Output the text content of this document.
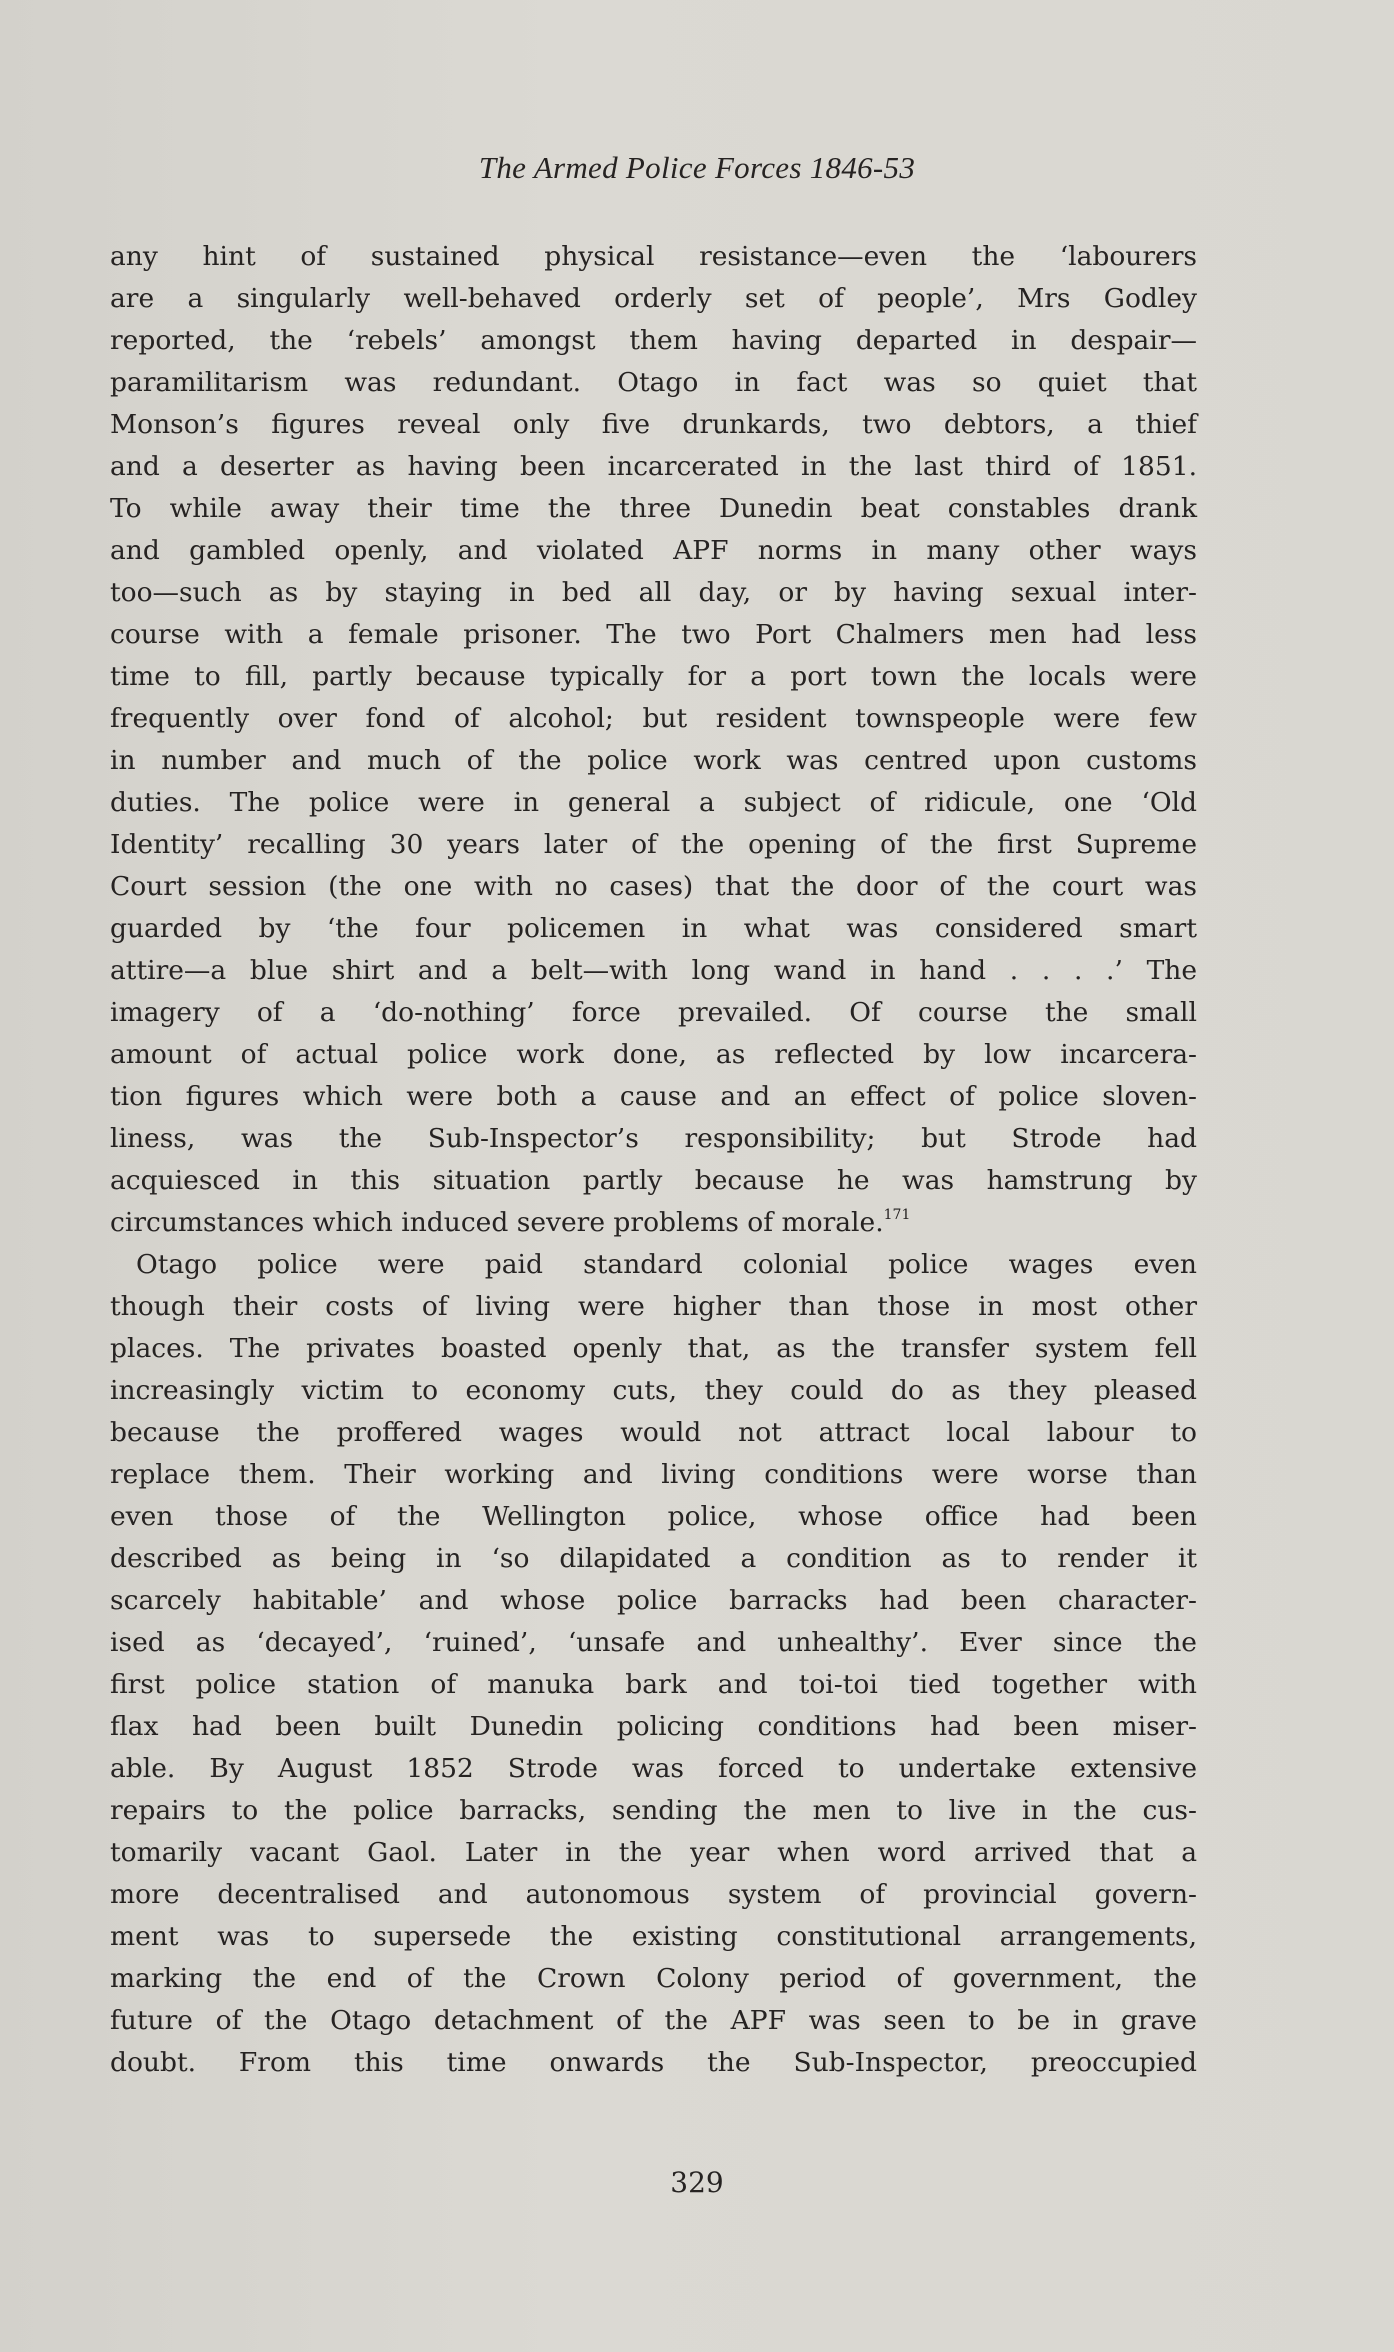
The Armed Police Forces 1846-53
any hint of sustained physical resistance—even the ‘labourers
are a singularly well-behaved orderly set of people’, Mrs Godley
reported, the ‘rebels’ amongst them having departed in despair—
paramilitarism was redundant. Otago in fact was so quiet that
Monson’s figures reveal only five drunkards, two debtors, a thief
and a deserter as having been incarcerated in the last third of 1851.
To while away their time the three Dunedin beat constables drank
and gambled openly, and violated APF norms in many other ways
too—such as by staying in bed all day, or by having sexual inter-
course with a female prisoner. The two Port Chalmers men had less
time to fill, partly because typically for a port town the locals were
frequently over fond of alcohol; but resident townspeople were few
in number and much of the police work was centred upon customs
duties. The police were in general a subject of ridicule, one ‘Old
Identity’ recalling 30 years later of the opening of the first Supreme
Court session (the one with no cases) that the door of the court was
guarded by ‘the four policemen in what was considered smart
attire—a blue shirt and a belt—with long wand in hand . . . .’ The
imagery of a ‘do-nothing’ force prevailed. Of course the small
amount of actual police work done, as reflected by low incarcera-
tion figures which were both a cause and an effect of police sloven-
liness, was the Sub-Inspector’s responsibility; but Strode had
acquiesced in this situation partly because he was hamstrung by
circumstances which induced severe problems of morale.$^{171}$
Otago police were paid standard colonial police wages even
though their costs of living were higher than those in most other
places. The privates boasted openly that, as the transfer system fell
increasingly victim to economy cuts, they could do as they pleased
because the proffered wages would not attract local labour to
replace them. Their working and living conditions were worse than
even those of the Wellington police, whose office had been
described as being in ‘so dilapidated a condition as to render it
scarcely habitable’ and whose police barracks had been character-
ised as ‘decayed’, ‘ruined’, ‘unsafe and unhealthy’. Ever since the
first police station of manuka bark and toi-toi tied together with
flax had been built Dunedin policing conditions had been miser-
able. By August 1852 Strode was forced to undertake extensive
repairs to the police barracks, sending the men to live in the cus-
tomarily vacant Gaol. Later in the year when word arrived that a
more decentralised and autonomous system of provincial govern-
ment was to supersede the existing constitutional arrangements,
marking the end of the Crown Colony period of government, the
future of the Otago detachment of the APF was seen to be in grave
doubt. From this time onwards the Sub-Inspector, preoccupied
329
